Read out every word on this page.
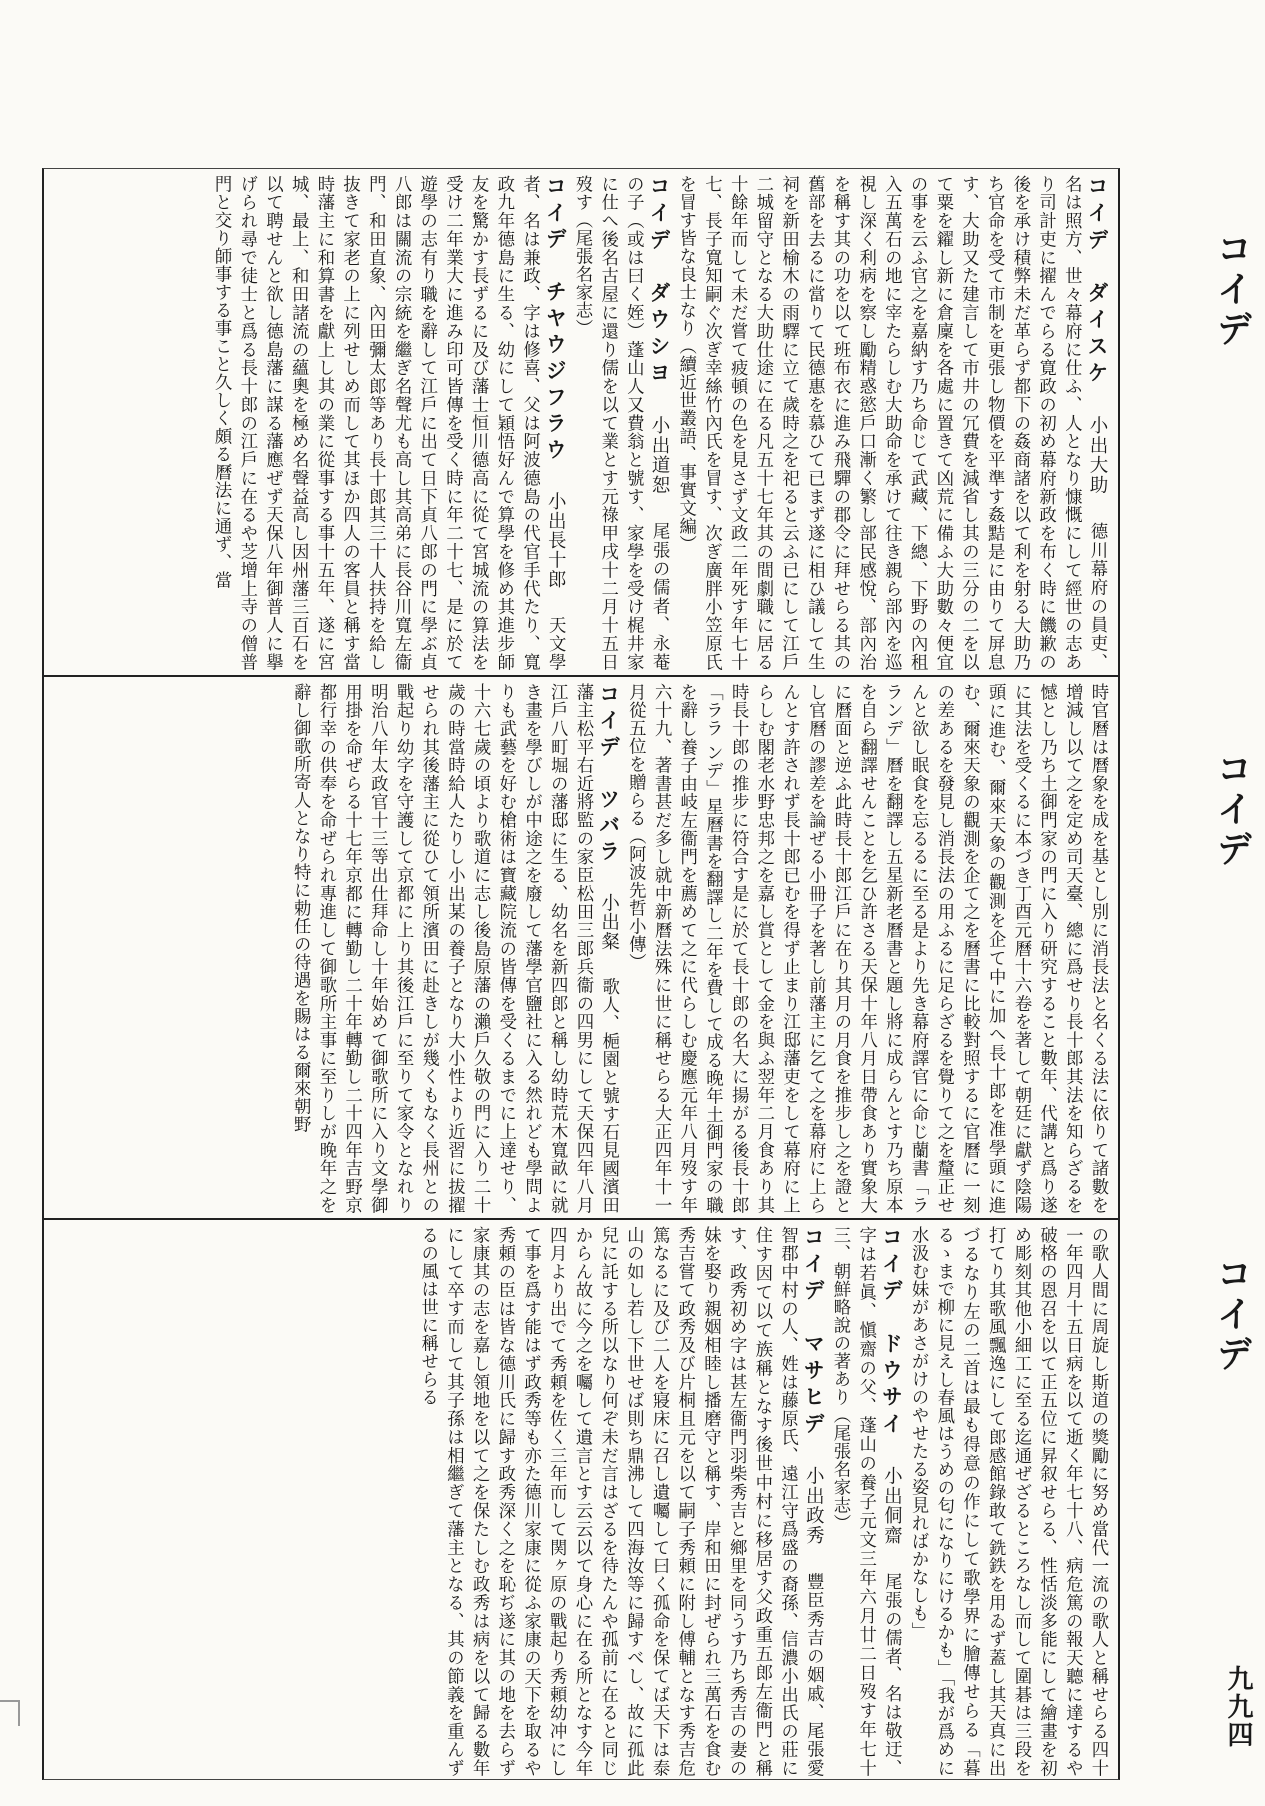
コイデ　ダイスケ  小出大助  德川幕府の員吏、名は照方、世々幕府に仕ふ、人となり慷慨にして經世の志あり司計吏に擢んでらる寛政の初め幕府新政を布く時に饑歉の後を承け積弊未だ革らず都下の姦商諸を以て利を射る大助乃ち官命を受て市制を更張し物價を平準す姦黠是に由りて屏息す、大助又た建言して市井の冗費を減省し其の三分の二を以て粟を糴し新に倉廩を各處に置きて凶荒に備ふ大助數々便宜の事を云ふ官之を嘉納す乃ち命じて武藏、下總、下野の內租入五萬石の地に宰たらしむ大助命を承けて往き親ら部內を巡視し深く利病を察し勵精惑慾戶口漸く繁し部民感悅、部內治を稱す其の功を以て班布衣に進み飛驒の郡令に拜せらる其の舊部を去るに當りて民德惠を慕ひて已まず遂に相ひ議して生祠を新田榆木の雨驛に立て歲時之を祀ると云ふ已にして江戶二城留守となる大助仕途に在る凡五十七年其の間劇職に居る十餘年而して未だ嘗て疲頓の色を見さず文政二年死す年七十七、長子寬知嗣ぐ次ぎ幸絲竹內氏を冒す、次ぎ廣胖小笠原氏を冒す皆な良士なり（續近世叢語、事實文編）
コイデ　ダウシヨ  小出道恕  尾張の儒者、永菴の子（或は曰く姪）蓬山人又費翁と號す、家學を受け梶井家に仕へ後名古屋に還り儒を以て業とす元祿甲戌十二月十五日歿す（尾張名家志）
コイデ　チヤウジフラウ  小出長十郎  天文學者、名は兼政、字は修喜、父は阿波德島の代官手代たり、寬政九年德島に生る、幼にして穎悟好んで算學を修め其進步師友を驚かす長ずるに及び藩士恒川德高に從て宮城流の算法を受け二年業大に進み印可皆傳を受く時に年二十七、是に於て遊學の志有り職を辭して江戶に出て日下貞八郎の門に學ぶ貞八郎は關流の宗統を繼ぎ名聲尤も高し其高弟に長谷川寬左衞門、和田直象、內田彌太郎等あり長十郎其三十人扶持を給し抜きて家老の上に列せしめ而して其ほか四人の客員と稱す當時藩主に和算書を獻上し其の業に從事する事十五年、遂に宮城、最上、和田諸流の蘊奧を極め名聲益高し因州藩三百石を以て聘せんと欲し德島藩に謀る藩應ぜず天保八年御普人に擧げられ尋で徒士と爲る長十郎の江戶に在るや芝增上寺の僧普門と交り師事する事こと久しく頗る曆法に通ず、當
時官曆は曆象を成を基とし別に消長法と名くる法に依りて諸數を增減し以て之を定め司天臺、總に爲せり長十郎其法を知らざるを憾とし乃ち土御門家の門に入り研究すること數年、代講と爲り遂に其法を受くるに本づき丁酉元曆十六卷を著して朝廷に獻ず陰陽頭に進む、爾來天象の觀測を企て中に加へ長十郎を准學頭に進む、爾來天象の觀測を企て之を曆書に比較對照するに官曆に一刻の差あるを發見し消長法の用ふるに足らざるを覺りて之を釐正せんと欲し眠食を忘るるに至る是より先き幕府譯官に命じ蘭書「ラランデ」曆を翻譯し五星新老曆書と題し將に成らんとす乃ち原本を自ら翻譯せんことを乞ひ許さる天保十年八月日帶食あり實象大に曆面と逆ふ此時長十郎江戶に在り其月の月食を推步し之を證とし官曆の謬差を論ぜる小冊子を著し前藩主に乞て之を幕府に上らんとす許されず長十郎已むを得ず止まり江邸藩吏をして幕府に上らしむ閣老水野忠邦之を嘉し賞として金を與ふ翌年二月食あり其時長十郎の推步に符合す是に於て長十郎の名大に揚がる後長十郎「ララ ンデ」星曆書を翻譯し二年を費して成る晚年土御門家の職を辭し養子由岐左衞門を薦めて之に代らしむ慶應元年八月歿す年六十九、著書甚だ多し就中新曆法殊に世に稱せらる大正四年十一月從五位を贈らる（阿波先哲小傳）
コイデ　ツバラ  小出粲  歌人、梔園と號す石見國濱田藩主松平右近將監の家臣松田三郎兵衞の四男にして天保四年八月江戶八町堀の藩邸に生る、幼名を新四郎と稱し幼時荒木寬畝に就き畫を學びしが中途之を廢して藩學官鹽社に入る然れども學問よりも武藝を好む槍術は寶藏院流の皆傳を受くるまでに上達せり、十六七歲の頃より歌道に志し後島原藩の瀨戶久敬の門に入り二十歲の時當時給人たりし小出某の養子となり大小性より近習に拔擢せられ其後藩主に從ひて領所濱田に赴きしが幾くもなく長州との戰起り幼字を守護して京都に上り其後江戶に至りて家令となれり明治八年太政官十三等出仕拜命し十年始めて御歌所に入り文學御用掛を命ぜらる十七年京都に轉勤し二十年轉勤し二十四年吉野京都行幸の供奉を命ぜられ專進して御歌所主事に至りしが晚年之を辭し御歌所寄人となり特に勅任の待遇を賜はる爾來朝野
の歌人間に周旋し斯道の獎勵に努め當代一流の歌人と稱せらる四十一年四月十五日病を以て逝く年七十八、病危篤の報天聽に達するや破格の恩召を以て正五位に昇叙せらる、性恬淡多能にして繪畫を初め彫刻其他小細工に至る迄通ぜざるところなし而して圍碁は三段を打てり其歌風飄逸にして郎感館錄敢て銑鉄を用ゐず蓋し其天真に出づるなり左の二首は最も得意の作にして歌學界に膾傳せらる「暮るゝまで柳に見えし春風はうめの匂になりにけるかも」「我が爲めに水汲む妹があさがけのやせたる姿見ればかなしも」
コイデ　ドウサイ  小出侗齋  尾張の儒者、名は敬迂、字は若眞、愼齋の父、蓬山の養子元文三年六月廿二日歿す年七十三、朝鮮略說の著あり（尾張名家志）
コイデ　マサヒデ  小出政秀  豐臣秀吉の姻戚、尾張愛智郡中村の人、姓は藤原氏、遠江守爲盛の裔孫、信濃小出氏の莊に住す因て以て族稱となす後世中村に移居す父政重五郎左衞門と稱す、政秀初め字は甚左衞門羽柴秀吉と鄉里を同うす乃ち秀吉の妻の妹を娶り親姻相睦し播磨守と稱す、岸和田に封ぜられ三萬石を食む秀吉嘗て政秀及び片桐且元を以て嗣子秀頼に附し傅輔となす秀吉危篤なるに及び二人を寢床に召し遺囑して曰く孤命を保てば天下は泰山の如し若し下世せば則ち鼎沸して四海汝等に歸すべし、故に孤此兒に託する所以なり何ぞ未だ言はざるを待たんや孤前に在ると同じからん故に今之を囑して遺言とす云云以て身心に在る所となす今年四月より出でて秀頼を佐く三年而して関ヶ原の戰起り秀頼幼冲にして事を爲す能はず政秀等も亦た德川家康に從ふ家康の天下を取るや秀頼の臣は皆な德川氏に歸す政秀深く之を恥ぢ遂に其の地を去らず家康其の志を嘉し領地を以て之を保たしむ政秀は病を以て歸る數年にして卒す而して其子孫は相繼ぎて藩主となる、其の節義を重んずるの風は世に稱せらる
コイデ
コイデ
コイデ
九九四
